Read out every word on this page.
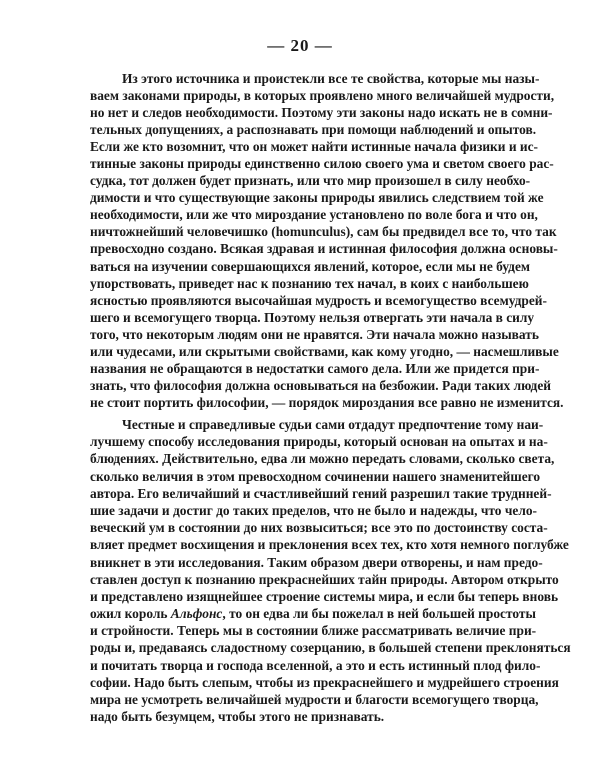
— 20 —
Из этого источника и проистекли все те свойства, которые мы назы-
ваем законами природы, в которых проявлено много величайшей мудрости,
но нет и следов необходимости. Поэтому эти законы надо искать не в сомни-
тельных допущениях, а распознавать при помощи наблюдений и опытов.
Если же кто возомнит, что он может найти истинные начала физики и ис-
тинные законы природы единственно силою своего ума и светом своего рас-
судка, тот должен будет признать, или что мир произошел в силу необхо-
димости и что существующие законы природы явились следствием той же
необходимости, или же что мироздание установлено по воле бога и что он,
ничтожнейший человечишко (homunculus), сам бы предвидел все то, что так
превосходно создано. Всякая здравая и истинная философия должна основы-
ваться на изучении совершающихся явлений, которое, если мы не будем
упорствовать, приведет нас к познанию тех начал, в коих с наибольшею
ясностью проявляются высочайшая мудрость и всемогущество всемудрей-
шего и всемогущего творца. Поэтому нельзя отвергать эти начала в силу
того, что некоторым людям они не нравятся. Эти начала можно называть
или чудесами, или скрытыми свойствами, как кому угодно, — насмешливые
названия не обращаются в недостатки самого дела. Или же придется при-
знать, что философия должна основываться на безбожии. Ради таких людей
не стоит портить философии, — порядок мироздания все равно не изменится.
Честные и справедливые судьи сами отдадут предпочтение тому наи-
лучшему способу исследования природы, который основан на опытах и на-
блюдениях. Действительно, едва ли можно передать словами, сколько света,
сколько величия в этом превосходном сочинении нашего знаменитейшего
автора. Его величайший и счастливейший гений разрешил такие труднней-
шие задачи и достиг до таких пределов, что не было и надежды, что чело-
веческий ум в состоянии до них возвыситься; все это по достоинству соста-
вляет предмет восхищения и преклонения всех тех, кто хотя немного поглубже
вникнет в эти исследования. Таким образом двери отворены, и нам предо-
ставлен доступ к познанию прекраснейших тайн природы. Автором открыто
и представлено изящнейшее строение системы мира, и если бы теперь вновь
ожил король Альфонс, то он едва ли бы пожелал в ней большей простоты
и стройности. Теперь мы в состоянии ближе рассматривать величие при-
роды и, предаваясь сладостному созерцанию, в большей степени преклоняться
и почитать творца и господа вселенной, а это и есть истинный плод фило-
софии. Надо быть слепым, чтобы из прекраснейшего и мудрейшего строения
мира не усмотреть величайшей мудрости и благости всемогущего творца,
надо быть безумцем, чтобы этого не признавать.
